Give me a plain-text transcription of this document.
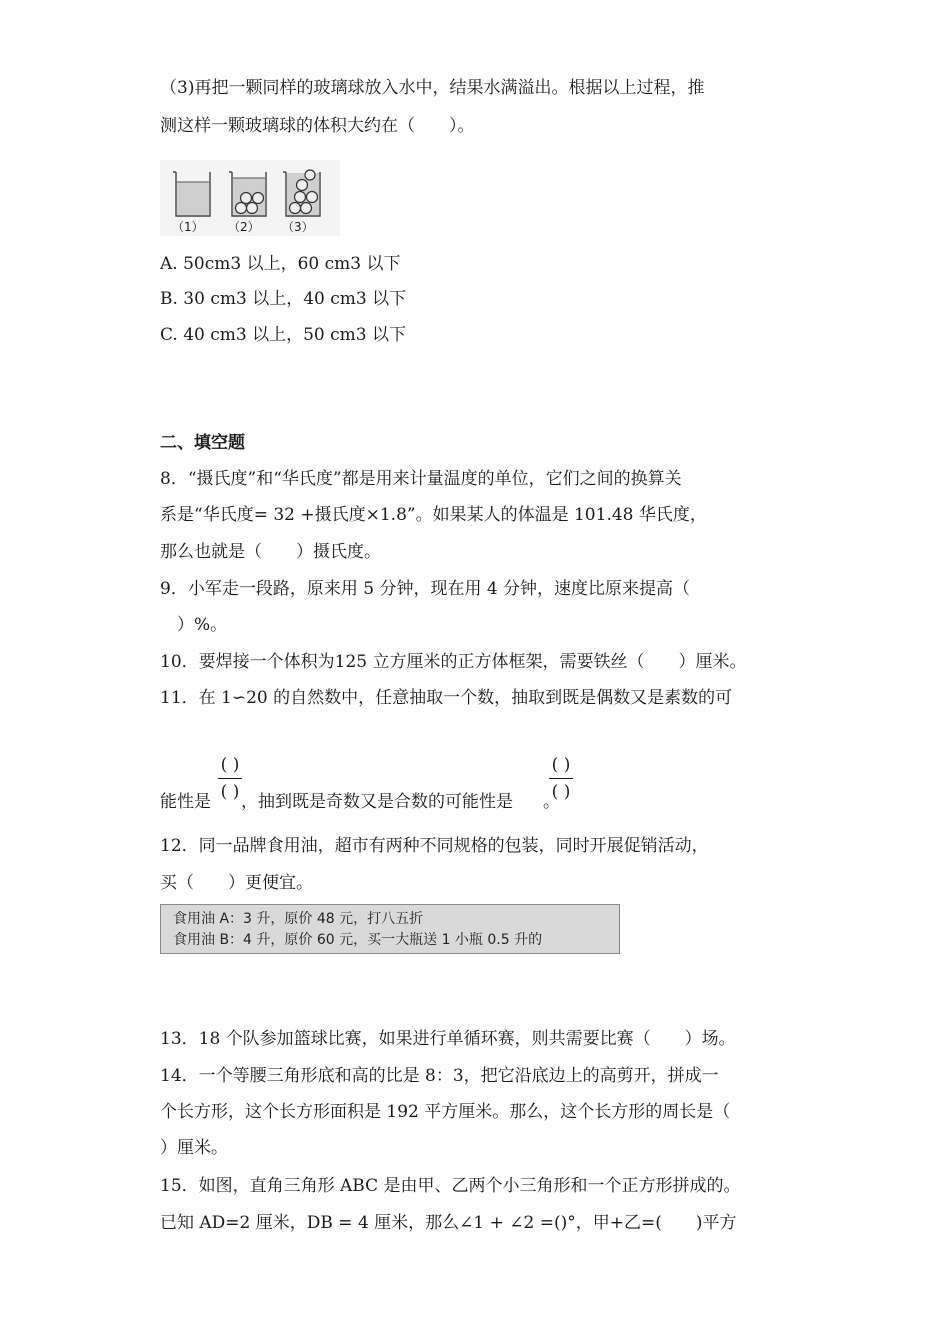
（3)再把一颗同样的玻璃球放入水中，结果水满溢出。根据以上过程，推
测这样一颗玻璃球的体积大约在（　　）。
（1） （2） （3）
A. 50cm3 以上，60 cm3 以下
B. 30 cm3 以上，40 cm3 以下
C. 40 cm3 以上，50 cm3 以下
二、填空题
8．“摄氏度”和“华氏度”都是用来计量温度的单位，它们之间的换算关
系是“华氏度= 32 +摄氏度×1.8”。如果某人的体温是 101.48 华氏度，
那么也就是（　　）摄氏度。
9．小军走一段路，原来用 5 分钟，现在用 4 分钟，速度比原来提高（
　）%。
10．要焊接一个体积为125 立方厘米的正方体框架，需要铁丝（　　）厘米。
11．在 1∽20 的自然数中，任意抽取一个数，抽取到既是偶数又是素数的可
能性是 ，抽到既是奇数又是合数的可能性是 。
( )
( )
( )
( )
12．同一品牌食用油，超市有两种不同规格的包装，同时开展促销活动，
买（　　）更便宜。
食用油 A：3 升，原价 48 元，打八五折
食用油 B：4 升，原价 60 元，买一大瓶送 1 小瓶 0.5 升的
13．18 个队参加篮球比赛，如果进行单循环赛，则共需要比赛（　　）场。
14．一个等腰三角形底和高的比是 8：3，把它沿底边上的高剪开，拼成一
个长方形，这个长方形面积是 192 平方厘米。那么，这个长方形的周长是（
）厘米。
15．如图，直角三角形 ABC 是由甲、乙两个小三角形和一个正方形拼成的。
已知 AD=2 厘米，DB = 4 厘米，那么∠1 + ∠2 =()°，甲+乙=(　　)平方
